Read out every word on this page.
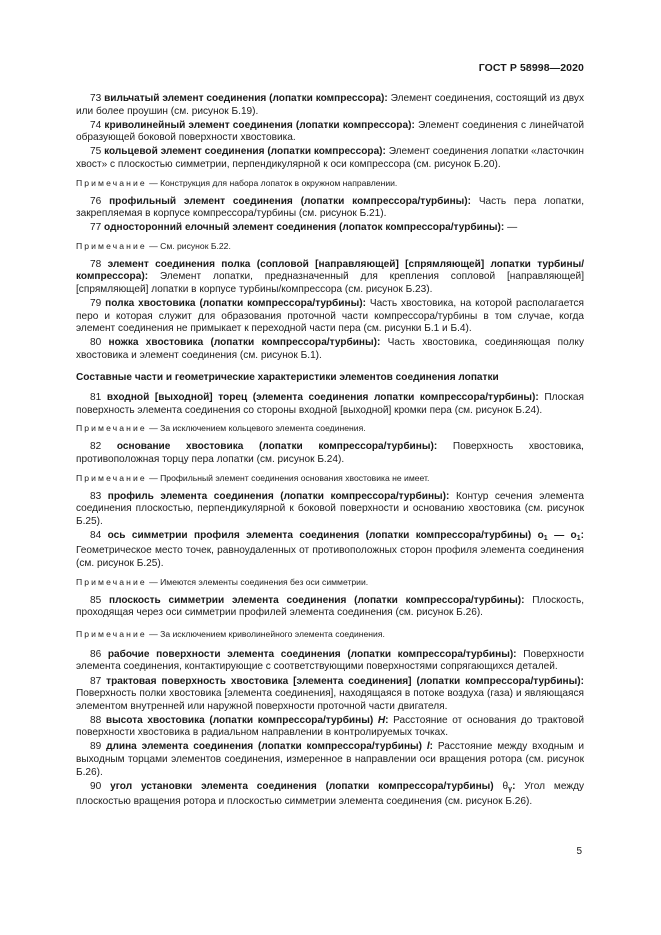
ГОСТ Р 58998—2020

73 вильчатый элемент соединения (лопатки компрессора): Элемент соединения, состоящий из двух или более проушин (см. рисунок Б.19).

74 криволинейный элемент соединения (лопатки компрессора): Элемент соединения с линейчатой образующей боковой поверхности хвостовика.

75 кольцевой элемент соединения (лопатки компрессора): Элемент соединения лопатки «ласточкин хвост» с плоскостью симметрии, перпендикулярной к оси компрессора (см. рисунок Б.20).

Примечание — Конструкция для набора лопаток в окружном направлении.

76 профильный элемент соединения (лопатки компрессора/турбины): Часть пера лопатки, закрепляемая в корпусе компрессора/турбины (см. рисунок Б.21).

77 односторонний елочный элемент соединения (лопаток компрессора/турбины): —

Примечание — См. рисунок Б.22.

78 элемент соединения полка (сопловой [направляющей] [спрямляющей] лопатки турбины/компрессора): Элемент лопатки, предназначенный для крепления сопловой [направляющей] [спрямляющей] лопатки в корпусе турбины/компрессора (см. рисунок Б.23).

79 полка хвостовика (лопатки компрессора/турбины): Часть хвостовика, на которой располагается перо и которая служит для образования проточной части компрессора/турбины в том случае, когда элемент соединения не примыкает к переходной части пера (см. рисунки Б.1 и Б.4).

80 ножка хвостовика (лопатки компрессора/турбины): Часть хвостовика, соединяющая полку хвостовика и элемент соединения (см. рисунок Б.1).

Составные части и геометрические характеристики элементов соединения лопатки

81 входной [выходной] торец (элемента соединения лопатки компрессора/турбины): Плоская поверхность элемента соединения со стороны входной [выходной] кромки пера (см. рисунок Б.24).

Примечание — За исключением кольцевого элемента соединения.

82 основание хвостовика (лопатки компрессора/турбины): Поверхность хвостовика, противоположная торцу пера лопатки (см. рисунок Б.24).

Примечание — Профильный элемент соединения основания хвостовика не имеет.

83 профиль элемента соединения (лопатки компрессора/турбины): Контур сечения элемента соединения плоскостью, перпендикулярной к боковой поверхности и основанию хвостовика (см. рисунок Б.25).

84 ось симметрии профиля элемента соединения (лопатки компрессора/турбины) $o_1$ — $o_1$: Геометрическое место точек, равноудаленных от противоположных сторон профиля элемента соединения (см. рисунок Б.25).

Примечание — Имеются элементы соединения без оси симметрии.

85 плоскость симметрии элемента соединения (лопатки компрессора/турбины): Плоскость, проходящая через оси симметрии профилей элемента соединения (см. рисунок Б.26).

Примечание — За исключением криволинейного элемента соединения.

86 рабочие поверхности элемента соединения (лопатки компрессора/турбины): Поверхности элемента соединения, контактирующие с соответствующими поверхностями сопрягающихся деталей.

87 трактовая поверхность хвостовика [элемента соединения] (лопатки компрессора/турбины): Поверхность полки хвостовика [элемента соединения], находящаяся в потоке воздуха (газа) и являющаяся элементом внутренней или наружной поверхности проточной части двигателя.

88 высота хвостовика (лопатки компрессора/турбины) H: Расстояние от основания до трактовой поверхности хвостовика в радиальном направлении в контролируемых точках.

89 длина элемента соединения (лопатки компрессора/турбины) l: Расстояние между входным и выходным торцами элементов соединения, измеренное в направлении оси вращения ротора (см. рисунок Б.26).

90 угол установки элемента соединения (лопатки компрессора/турбины) $\theta_\gamma$: Угол между плоскостью вращения ротора и плоскостью симметрии элемента соединения (см. рисунок Б.26).

5
